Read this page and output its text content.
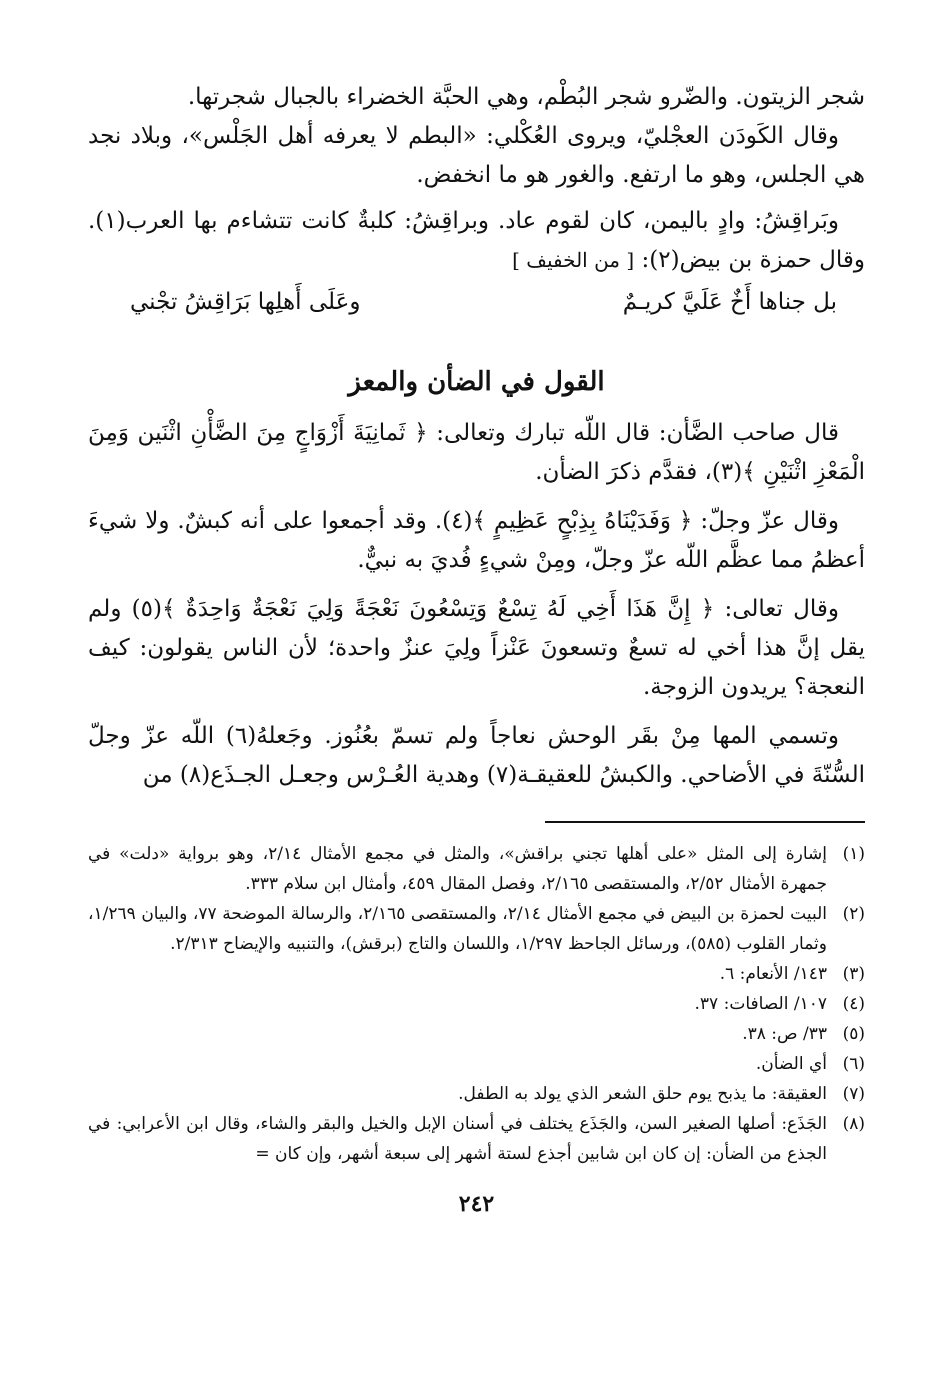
شجر الزيتون. والضّرو شجر البُطْم، وهي الحبَّة الخضراء بالجبال شجرتها.

وقال الكَودَن العجْليّ، ويروى العُكْلي: «البطم لا يعرفه أهل الجَلْس»، وبلاد نجد هي الجلس، وهو ما ارتفع. والغور هو ما انخفض.

وبَراقِشُ: وادٍ باليمن، كان لقوم عاد. وبراقِشُ: كلبةٌ كانت تتشاءم بها العرب(١). وقال حمزة بن بيض(٢): [ من الخفيف ]

بل جناها أَخٌ عَلَيَّ كريـمٌ
وعَلَى أَهلِها بَرَاقِشُ تجْني
القول في الضأن والمعز

قال صاحب الضَّأن: قال اللّه تبارك وتعالى: ﴿ ثَمانِيَةَ أَزْوَاجٍ مِنَ الضَّأْنِ اثْنَين وَمِنَ الْمَعْزِ اثْنَيْنِ ﴾(٣)، فقدَّم ذكرَ الضأن.

وقال عزّ وجلّ: ﴿ وَفَدَيْنَاهُ بِذِبْحٍ عَظِيمٍ ﴾(٤). وقد أجمعوا على أنه كبشٌ. ولا شيءَ أعظمُ مما عظَّم اللّه عزّ وجلّ، ومِنْ شيءٍ فُديَ به نبيٌّ.

وقال تعالى: ﴿ إِنَّ هَذَا أَخِي لَهُ تِسْعٌ وَتِسْعُونَ نَعْجَةً وَلِيَ نَعْجَةٌ وَاحِدَةٌ ﴾(٥) ولم يقل إنَّ هذا أخي له تسعٌ وتسعونَ عَنْزاً ولِيَ عنزٌ واحدة؛ لأن الناس يقولون: كيف النعجة؟ يريدون الزوجة.

وتسمي المها مِنْ بقَر الوحش نعاجاً ولم تسمّ بعُنُوز. وجَعلهُ(٦) اللّه عزّ وجلّ السُّنّةَ في الأضاحي. والكبشُ للعقيقـة(٧) وهدية العُـرْس وجعـل الجـذَع(٨) من

(١)
إشارة إلى المثل «على أهلها تجني براقش»، والمثل في مجمع الأمثال ٢/١٤، وهو برواية «دلت» في جمهرة الأمثال ٢/٥٢، والمستقصى ٢/١٦٥، وفصل المقال ٤٥٩، وأمثال ابن سلام ٣٣٣.
(٢)
البيت لحمزة بن البيض في مجمع الأمثال ٢/١٤، والمستقصى ٢/١٦٥، والرسالة الموضحة ٧٧، والبيان ١/٢٦٩، وثمار القلوب (٥٨٥)، ورسائل الجاحظ ١/٢٩٧، واللسان والتاج (برقش)، والتنبيه والإيضاح ٢/٣١٣.
(٣)
١٤٣/ الأنعام: ٦.
(٤)
١٠٧/ الصافات: ٣٧.
(٥)
٣٣/ ص: ٣٨.
(٦)
أي الضأن.
(٧)
العقيقة: ما يذبح يوم حلق الشعر الذي يولد به الطفل.
(٨)
الجَذَع: أصلها الصغير السن، والجَذَع يختلف في أسنان الإبل والخيل والبقر والشاء، وقال ابن الأعرابي: في الجذع من الضأن: إن كان ابن شابين أجذع لستة أشهر إلى سبعة أشهر، وإن كان =
٢٤٢
